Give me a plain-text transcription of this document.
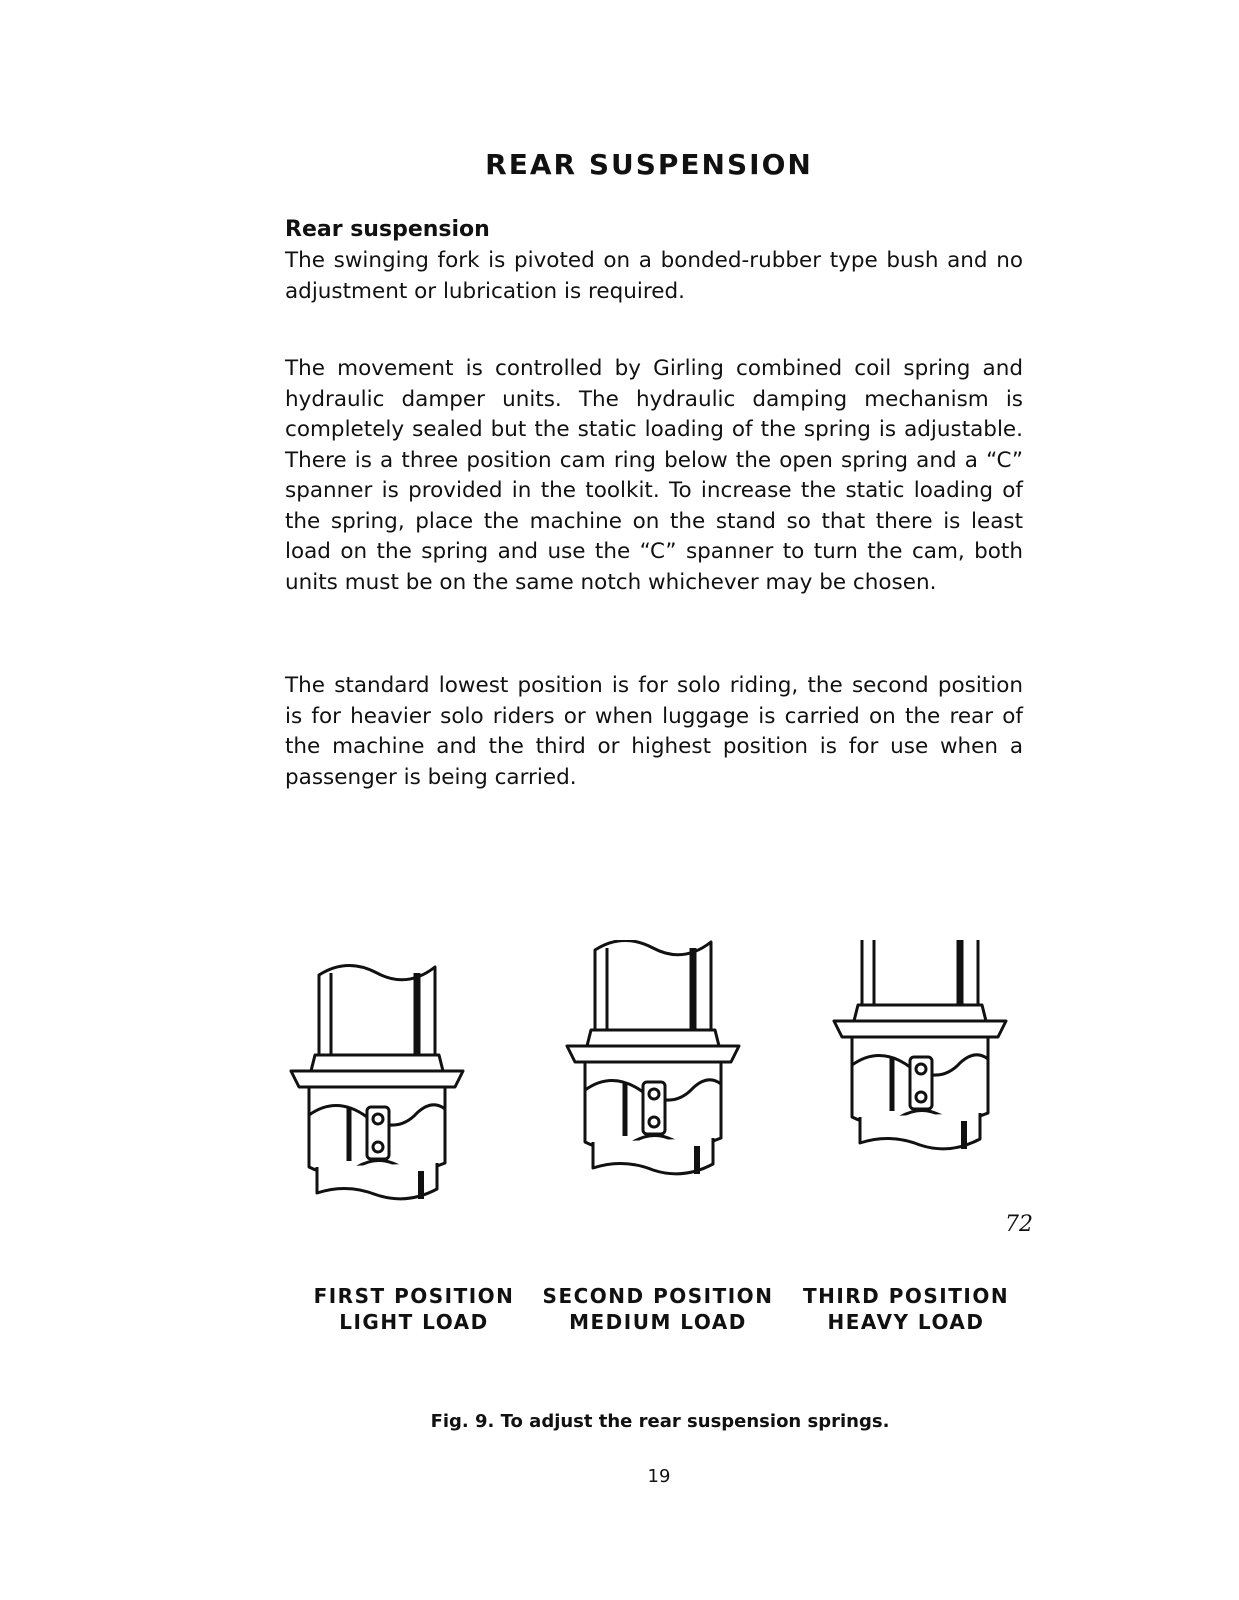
REAR SUSPENSION
Rear suspension
The swinging fork is pivoted on a bonded-rubber type bush and no adjustment or lubrication is required.
The movement is controlled by Girling combined coil spring and hydraulic damper units. The hydraulic damping mechanism is completely sealed but the static loading of the spring is adjustable. There is a three position cam ring below the open spring and a “C” spanner is provided in the toolkit. To increase the static loading of the spring, place the machine on the stand so that there is least load on the spring and use the “C” spanner to turn the cam, both units must be on the same notch whichever may be chosen.
The standard lowest position is for solo riding, the second position is for heavier solo riders or when luggage is carried on the rear of the machine and the third or highest position is for use when a passenger is being carried.
72
FIRST POSITION
LIGHT LOAD
SECOND POSITION
MEDIUM LOAD
THIRD POSITION
HEAVY LOAD
Fig. 9. To adjust the rear suspension springs.
19
